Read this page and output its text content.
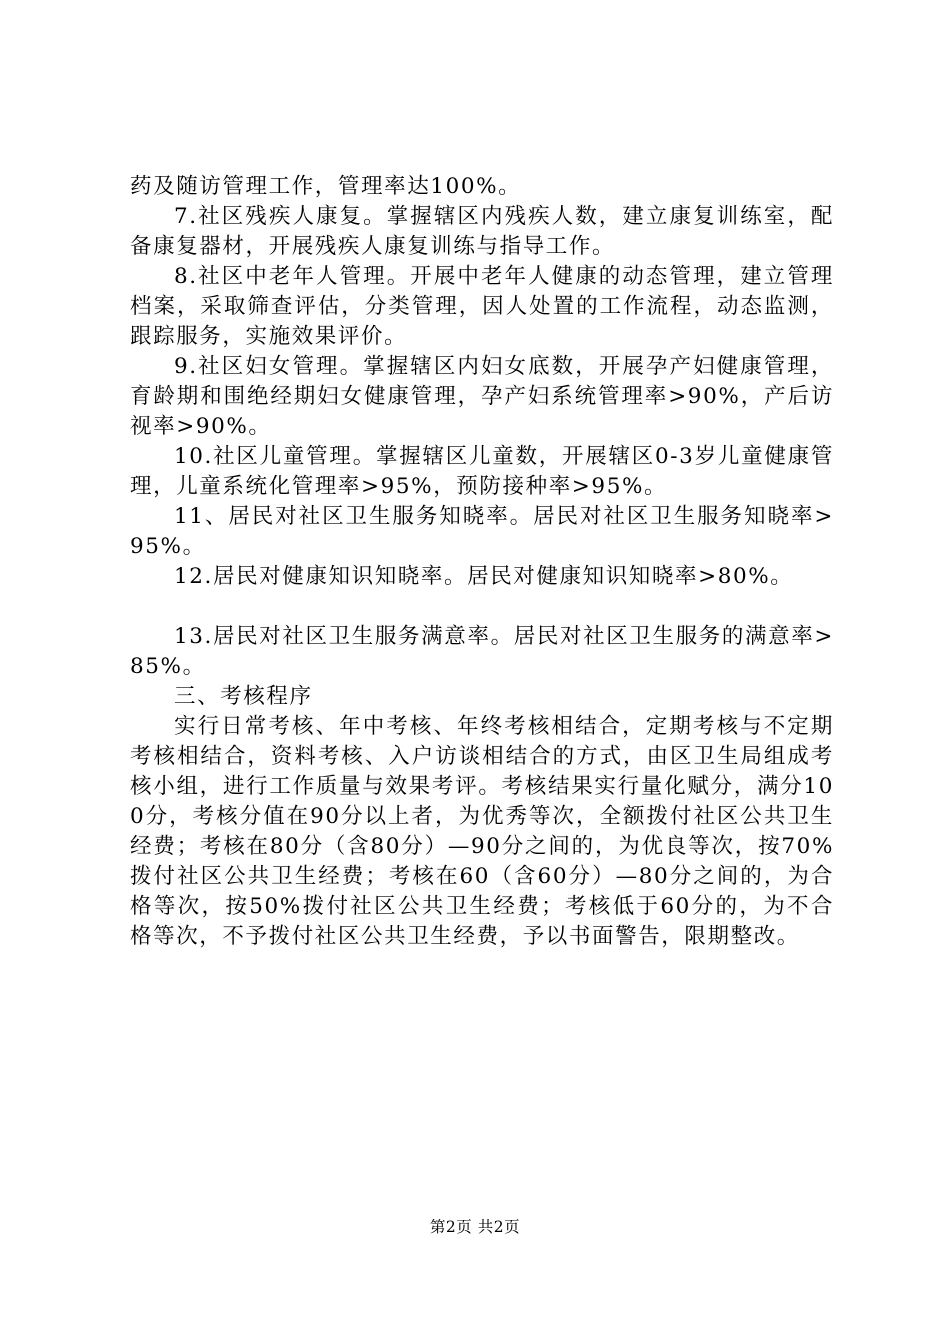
药及随访管理工作，管理率达100%。

7.社区残疾人康复。掌握辖区内残疾人数，建立康复训练室，配备康复器材，开展残疾人康复训练与指导工作。

8.社区中老年人管理。开展中老年人健康的动态管理，建立管理档案，采取筛查评估，分类管理，因人处置的工作流程，动态监测，跟踪服务，实施效果评价。

9.社区妇女管理。掌握辖区内妇女底数，开展孕产妇健康管理，育龄期和围绝经期妇女健康管理，孕产妇系统管理率>90%，产后访视率>90%。

10.社区儿童管理。掌握辖区儿童数，开展辖区0-3岁儿童健康管理，儿童系统化管理率>95%，预防接种率>95%。

11、居民对社区卫生服务知晓率。居民对社区卫生服务知晓率>95%。

12.居民对健康知识知晓率。居民对健康知识知晓率>80%。

13.居民对社区卫生服务满意率。居民对社区卫生服务的满意率>85%。

三、考核程序

实行日常考核、年中考核、年终考核相结合，定期考核与不定期考核相结合，资料考核、入户访谈相结合的方式，由区卫生局组成考核小组，进行工作质量与效果考评。考核结果实行量化赋分，满分100分，考核分值在90分以上者，为优秀等次，全额拨付社区公共卫生经费；考核在80分（含80分）—90分之间的，为优良等次，按70%拨付社区公共卫生经费；考核在60（含60分）—80分之间的，为合格等次，按50%拨付社区公共卫生经费；考核低于60分的，为不合格等次，不予拨付社区公共卫生经费，予以书面警告，限期整改。

第2页 共2页
